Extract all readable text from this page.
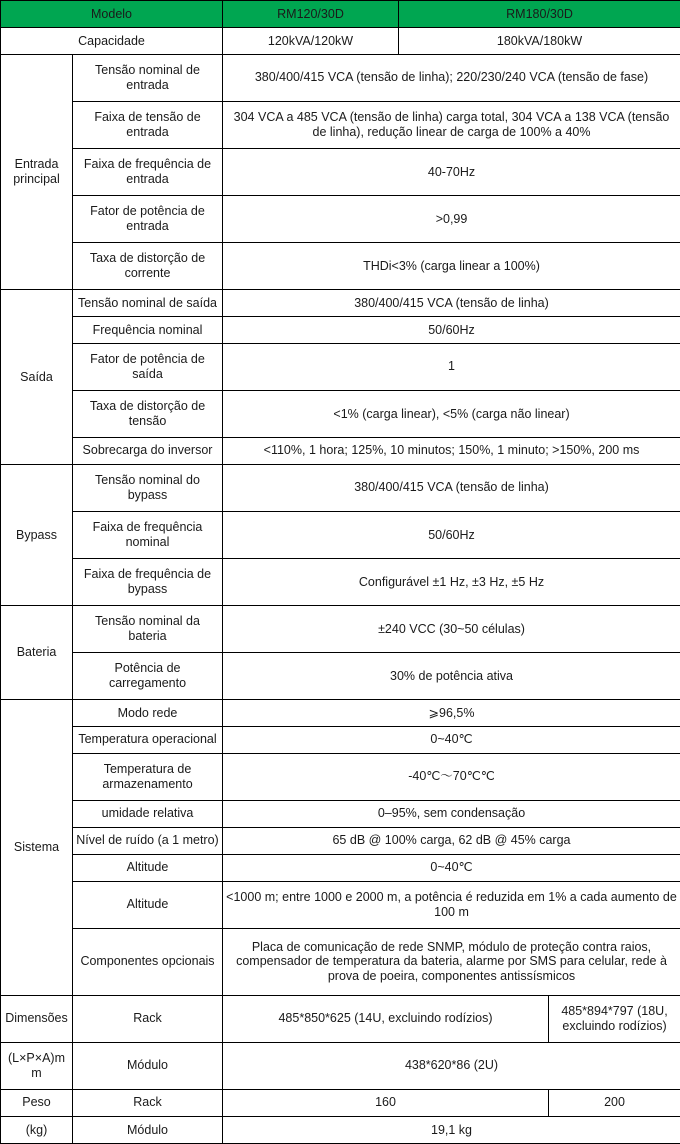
Modelo		RM120/30D	RM180/30D	
Capacidade		120kVA/120kW	180kVA/180kW	
Entrada principal	Tensão nominal de entrada	380/400/415 VCA (tensão de linha); 220/230/240 VCA (tensão de fase)		
	Faixa de tensão de entrada	304 VCA a 485 VCA (tensão de linha) carga total, 304 VCA a 138 VCA (tensão de linha), redução linear de carga de 100% a 40%		
	Faixa de frequência de entrada	40-70Hz		
	Fator de potência de entrada	>0,99		
	Taxa de distorção de corrente	THDi<3% (carga linear a 100%)		
Saída	Tensão nominal de saída	380/400/415 VCA (tensão de linha)		
	Frequência nominal	50/60Hz		
	Fator de potência de saída	1		
	Taxa de distorção de tensão	<1% (carga linear), <5% (carga não linear)		
	Sobrecarga do inversor	<110%, 1 hora; 125%, 10 minutos; 150%, 1 minuto; >150%, 200 ms		
Bypass	Tensão nominal do bypass	380/400/415 VCA (tensão de linha)		
	Faixa de frequência nominal	50/60Hz		
	Faixa de frequência de bypass	Configurável ±1 Hz, ±3 Hz, ±5 Hz		
Bateria	Tensão nominal da bateria	±240 VCC (30~50 células)		
	Potência de carregamento	30% de potência ativa		
Sistema	Modo rede	⩾96,5%		
	Temperatura operacional	0~40℃		
	Temperatura de armazenamento	-40℃～70℃℃		
	umidade relativa	0–95%, sem condensação		
	Nível de ruído (a 1 metro)	65 dB @ 100% carga, 62 dB @ 45% carga		
	Altitude	0~40℃		
	Altitude	<1000 m; entre 1000 e 2000 m, a potência é reduzida em 1% a cada aumento de 100 m		
	Componentes opcionais	Placa de comunicação de rede SNMP, módulo de proteção contra raios, compensador de temperatura da bateria, alarme por SMS para celular, rede à prova de poeira, componentes antissísmicos		
Dimensões	Rack	485*850*625 (14U, excluindo rodízios)		485*894*797 (18U, excluindo rodízios)
(L×P×A)mm	Módulo	438*620*86 (2U)		
Peso	Rack	160		200
(kg)	Módulo	19,1 kg		
